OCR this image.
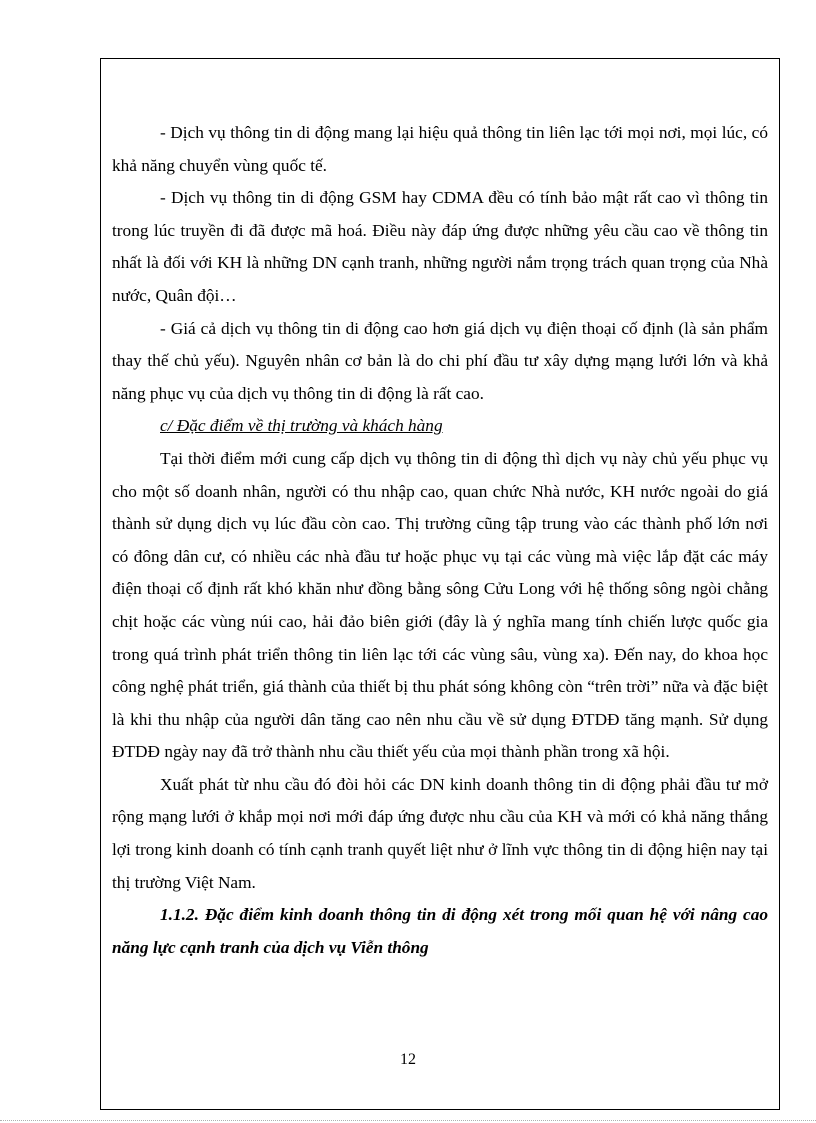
- Dịch vụ thông tin di động mang lại hiệu quả thông tin liên lạc tới mọi nơi, mọi lúc, có khả năng chuyển vùng quốc tế.

- Dịch vụ thông tin di động GSM hay CDMA đều có tính bảo mật rất cao vì thông tin trong lúc truyền đi đã được mã hoá. Điều này đáp ứng được những yêu cầu cao về thông tin nhất là đối với KH là những DN cạnh tranh, những người nắm trọng trách quan trọng của Nhà nước, Quân đội…

- Giá cả dịch vụ thông tin di động cao hơn giá dịch vụ điện thoại cố định (là sản phẩm thay thế chủ yếu). Nguyên nhân cơ bản là do chi phí đầu tư xây dựng mạng lưới lớn và khả năng phục vụ của dịch vụ thông tin di động là rất cao.

c/ Đặc điểm về thị trường và khách hàng

Tại thời điểm mới cung cấp dịch vụ thông tin di động thì dịch vụ này chủ yếu phục vụ cho một số doanh nhân, người có thu nhập cao, quan chức Nhà nước, KH nước ngoài do giá thành sử dụng dịch vụ lúc đầu còn cao. Thị trường cũng tập trung vào các thành phố lớn nơi có đông dân cư, có nhiều các nhà đầu tư hoặc phục vụ tại các vùng mà việc lắp đặt các máy điện thoại cố định rất khó khăn như đồng bằng sông Cửu Long với hệ thống sông ngòi chằng chịt hoặc các vùng núi cao, hải đảo biên giới (đây là ý nghĩa mang tính chiến lược quốc gia trong quá trình phát triển thông tin liên lạc tới các vùng sâu, vùng xa). Đến nay, do khoa học công nghệ phát triển, giá thành của thiết bị thu phát sóng không còn “trên trời” nữa và đặc biệt là khi thu nhập của người dân tăng cao nên nhu cầu về sử dụng ĐTDĐ tăng mạnh. Sử dụng ĐTDĐ ngày nay đã trở thành nhu cầu thiết yếu của mọi thành phần trong xã hội.

Xuất phát từ nhu cầu đó đòi hỏi các DN kinh doanh thông tin di động phải đầu tư mở rộng mạng lưới ở khắp mọi nơi mới đáp ứng được nhu cầu của KH và mới có khả năng thắng lợi trong kinh doanh có tính cạnh tranh quyết liệt như ở lĩnh vực thông tin di động hiện nay tại thị trường Việt Nam.

1.1.2. Đặc điểm kinh doanh thông tin di động xét trong mối quan hệ với nâng cao năng lực cạnh tranh của dịch vụ Viễn thông

12
